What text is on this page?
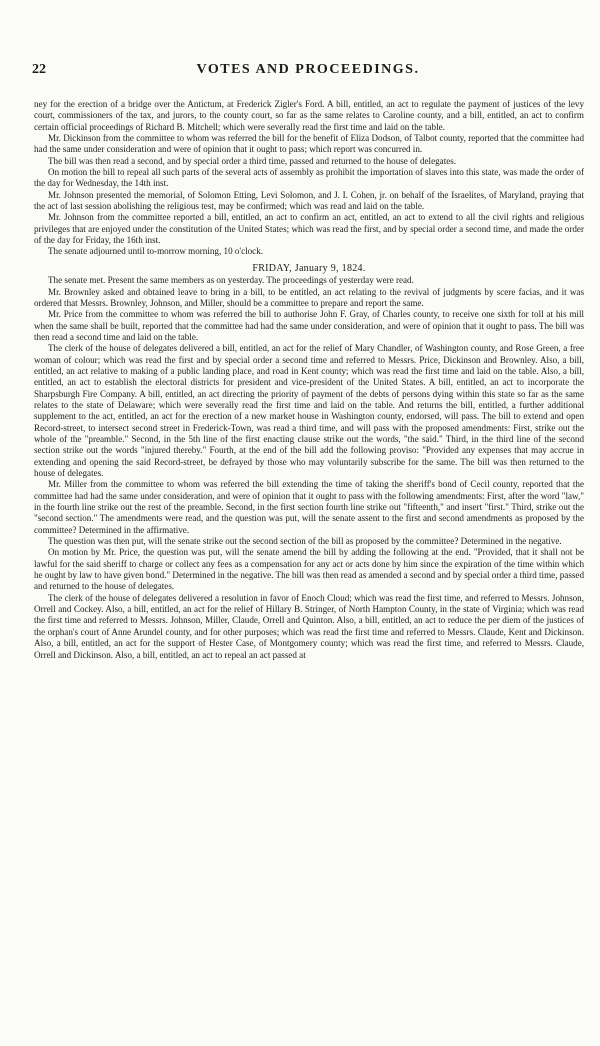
22	VOTES AND PROCEEDINGS.

ney for the erection of a bridge over the Antictum, at Frederick Zigler's Ford. A bill, entitled, an act to regulate the payment of justices of the levy court, commissioners of the tax, and jurors, to the county court, so far as the same relates to Caroline county, and a bill, entitled, an act to confirm certain official proceedings of Richard B. Mitchell; which were severally read the first time and laid on the table.

Mr. Dickinson from the committee to whom was referred the bill for the benefit of Eliza Dodson, of Talbot county, reported that the committee had had the same under consideration and were of opinion that it ought to pass; which report was concurred in.

The bill was then read a second, and by special order a third time, passed and returned to the house of delegates.

On motion the bill to repeal all such parts of the several acts of assembly as prohibit the importation of slaves into this state, was made the order of the day for Wednesday, the 14th inst.

Mr. Johnson presented the memorial, of Solomon Etting, Levi Solomon, and J. I. Cohen, jr. on behalf of the Israelites, of Maryland, praying that the act of last session abolishing the religious test, may be confirmed; which was read and laid on the table.

Mr. Johnson from the committee reported a bill, entitled, an act to confirm an act, entitled, an act to extend to all the civil rights and religious privileges that are enjoyed under the constitution of the United States; which was read the first, and by special order a second time, and made the order of the day for Friday, the 16th inst.

The senate adjourned until to-morrow morning, 10 o'clock.

FRIDAY, January 9, 1824.

The senate met. Present the same members as on yesterday. The proceedings of yesterday were read.

Mr. Brownley asked and obtained leave to bring in a bill, to be entitled, an act relating to the revival of judgments by scere facias, and it was ordered that Messrs. Brownley, Johnson, and Miller, should be a committee to prepare and report the same.

Mr. Price from the committee to whom was referred the bill to authorise John F. Gray, of Charles county, to receive one sixth for toll at his mill when the same shall be built, reported that the committee had had the same under consideration, and were of opinion that it ought to pass. The bill was then read a second time and laid on the table.

The clerk of the house of delegates delivered a bill, entitled, an act for the relief of Mary Chandler, of Washington county, and Rose Green, a free woman of colour; which was read the first and by special order a second time and referred to Messrs. Price, Dickinson and Brownley. Also, a bill, entitled, an act relative to making of a public landing place, and road in Kent county; which was read the first time and laid on the table. Also, a bill, entitled, an act to establish the electoral districts for president and vice-president of the United States. A bill, entitled, an act to incorporate the Sharpsburgh Fire Company. A bill, entitled, an act directing the priority of payment of the debts of persons dying within this state so far as the same relates to the state of Delaware; which were severally read the first time and laid on the table. And returns the bill, entitled, a further additional supplement to the act, entitled, an act for the erection of a new market house in Washington county, endorsed, will pass. The bill to extend and open Record-street, to intersect second street in Frederick-Town, was read a third time, and will pass with the proposed amendments: First, strike out the whole of the "preamble." Second, in the 5th line of the first enacting clause strike out the words, "the said." Third, in the third line of the second section strike out the words "injured thereby." Fourth, at the end of the bill add the following proviso: "Provided any expenses that may accrue in extending and opening the said Record-street, be defrayed by those who may voluntarily subscribe for the same. The bill was then returned to the house of delegates.

Mr. Miller from the committee to whom was referred the bill extending the time of taking the sheriff's bond of Cecil county, reported that the committee had had the same under consideration, and were of opinion that it ought to pass with the following amendments: First, after the word "law," in the fourth line strike out the rest of the preamble. Second, in the first section fourth line strike out "fifteenth," and insert "first." Third, strike out the "second section." The amendments were read, and the question was put, will the senate assent to the first and second amendments as proposed by the committee? Determined in the affirmative.

The question was then put, will the senate strike out the second section of the bill as proposed by the committee? Determined in the negative.

On motion by Mr. Price, the question was put, will the senate amend the bill by adding the following at the end. "Provided, that it shall not be lawful for the said sheriff to charge or collect any fees as a compensation for any act or acts done by him since the expiration of the time within which he ought by law to have given bond." Determined in the negative. The bill was then read as amended a second and by special order a third time, passed and returned to the house of delegates.

The clerk of the house of delegates delivered a resolution in favor of Enoch Cloud; which was read the first time, and referred to Messrs. Johnson, Orrell and Cockey. Also, a bill, entitled, an act for the relief of Hillary B. Stringer, of North Hampton County, in the state of Virginia; which was read the first time and referred to Messrs. Johnson, Miller, Claude, Orrell and Quinton. Also, a bill, entitled, an act to reduce the per diem of the justices of the orphan's court of Anne Arundel county, and for other purposes; which was read the first time and referred to Messrs. Claude, Kent and Dickinson. Also, a bill, entitled, an act for the support of Hester Case, of Montgomery county; which was read the first time, and referred to Messrs. Claude, Orrell and Dickinson. Also, a bill, entitled, an act to repeal an act passed at
